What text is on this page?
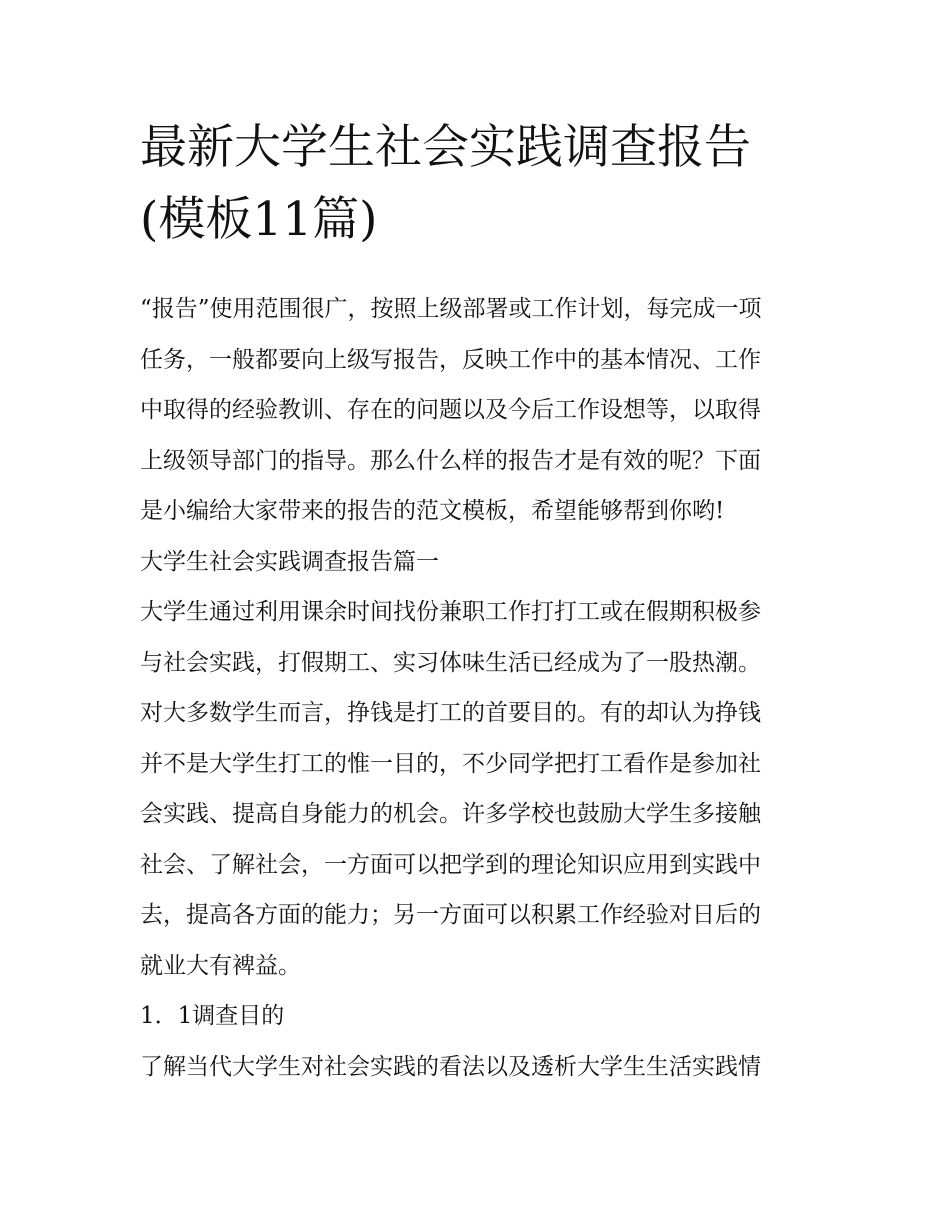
最新大学生社会实践调查报告
(模板11篇)

“报告”使用范围很广，按照上级部署或工作计划，每完成一项

任务，一般都要向上级写报告，反映工作中的基本情况、工作

中取得的经验教训、存在的问题以及今后工作设想等，以取得

上级领导部门的指导。那么什么样的报告才是有效的呢？下面

是小编给大家带来的报告的范文模板，希望能够帮到你哟!

大学生社会实践调查报告篇一

大学生通过利用课余时间找份兼职工作打打工或在假期积极参

与社会实践，打假期工、实习体味生活已经成为了一股热潮。

对大多数学生而言，挣钱是打工的首要目的。有的却认为挣钱

并不是大学生打工的惟一目的，不少同学把打工看作是参加社

会实践、提高自身能力的机会。许多学校也鼓励大学生多接触

社会、了解社会，一方面可以把学到的理论知识应用到实践中

去，提高各方面的能力；另一方面可以积累工作经验对日后的

就业大有裨益。

1．1调查目的

了解当代大学生对社会实践的看法以及透析大学生生活实践情
